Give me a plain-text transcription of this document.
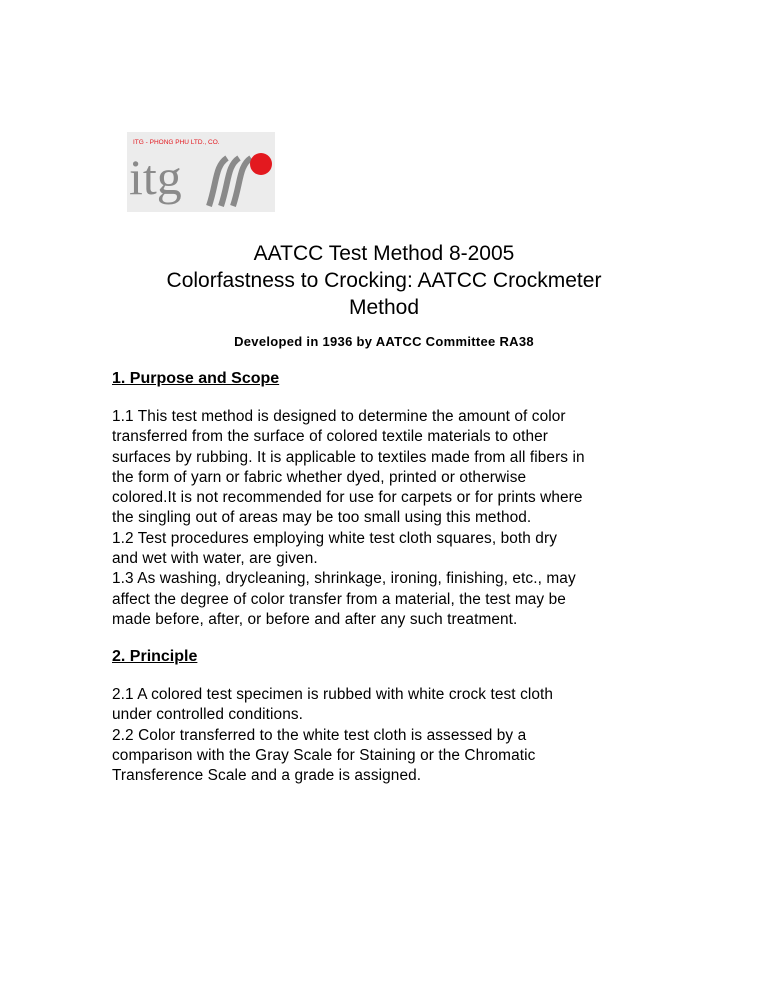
ITG - PHONG PHU LTD., CO.
itg
AATCC Test Method 8-2005
Colorfastness to Crocking: AATCC Crockmeter
Method
Developed in 1936 by AATCC Committee RA38
1. Purpose and Scope
1.1 This test method is designed to determine the amount of color
transferred from the surface of colored textile materials to other
surfaces by rubbing. It is applicable to textiles made from all fibers in
the form of yarn or fabric whether dyed, printed or otherwise
colored.It is not recommended for use for carpets or for prints where
the singling out of areas may be too small using this method.
1.2 Test procedures employing white test cloth squares, both dry
and wet with water, are given.
1.3 As washing, drycleaning, shrinkage, ironing, finishing, etc., may
affect the degree of color transfer from a material, the test may be
made before, after, or before and after any such treatment.
2. Principle
2.1 A colored test specimen is rubbed with white crock test cloth
under controlled conditions.
2.2 Color transferred to the white test cloth is assessed by a
comparison with the Gray Scale for Staining or the Chromatic
Transference Scale and a grade is assigned.
